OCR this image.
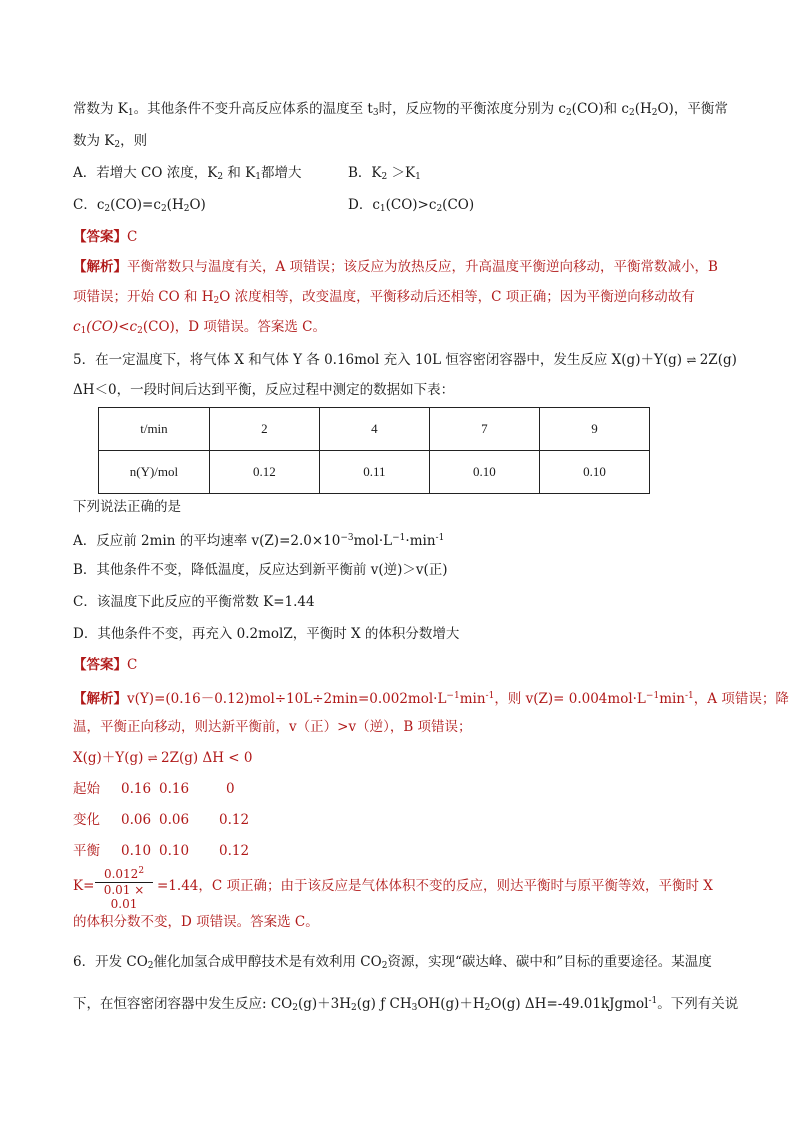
常数为 $K_1$。其他条件不变升高反应体系的温度至 $t_3$时，反应物的平衡浓度分别为 $c_2(CO)$和 $c_2(H_2O)$，平衡常
数为 $K_2$，则
A．若增大 CO 浓度，$K_2$ 和 $K_1$都增大	B．$K_2 >K_1$
C．$c_2(CO)=c_2(H_2O)$	D．$c_1(CO)>c_2(CO)$
【答案】C
【解析】平衡常数只与温度有关，A 项错误；该反应为放热反应，升高温度平衡逆向移动，平衡常数减小，B
项错误；开始 CO 和 $H_2O$ 浓度相等，改变温度，平衡移动后还相等，C 项正确；因为平衡逆向移动故有
$c_1(CO)<c_2(CO)$，D 项错误。答案选 C。
5．在一定温度下，将气体 X 和气体 Y 各 0.16mol 充入 10L 恒容密闭容器中，发生反应 X(g)＋Y(g) ⇌ 2Z(g)
ΔH＜0，一段时间后达到平衡，反应过程中测定的数据如下表：
t/min	2	4	7	9
n(Y)/mol	0.12	0.11	0.10	0.10
下列说法正确的是
A．反应前 2min 的平均速率 $v(Z)=2.0\times 10^{-3}mol\cdot L^{-1}\cdot\min^{-1}$
B．其他条件不变，降低温度，反应达到新平衡前 v(逆)＞v(正)
C．该温度下此反应的平衡常数 K=1.44
D．其他条件不变，再充入 0.2molZ，平衡时 X 的体积分数增大
【答案】C
【解析】$v(Y)=(0.16-0.12)mol\div 10L\div 2\min=0.002mol\cdot L^{-1}\min^{-1}$，则 $v(Z)= 0.004mol\cdot L^{-1}\min^{-1}$，A 项错误；降
温，平衡正向移动，则达新平衡前，v（正）>v（逆），B 项错误；
X(g)＋Y(g) ⇌ 2Z(g) ΔH < 0
起始 0.16 0.16	0
变化 0.06 0.06 0.12
平衡 0.10 0.10 0.12
$K= \frac{0.012^2}{0.01 \times 0.01} =1.44$，C 项正确；由于该反应是气体体积不变的反应，则达平衡时与原平衡等效，平衡时 X
的体积分数不变，D 项错误。答案选 C。
6．开发 $CO_2$催化加氢合成甲醇技术是有效利用 $CO_2$资源，实现“碳达峰、碳中和”目标的重要途径。某温度
下，在恒容密闭容器中发生反应: $CO_2(g)+3H_2(g)$ ƒ $CH_3OH(g)+H_2O(g)$ ΔH=-49.01kJgmol$^{-1}$。下列有关说
